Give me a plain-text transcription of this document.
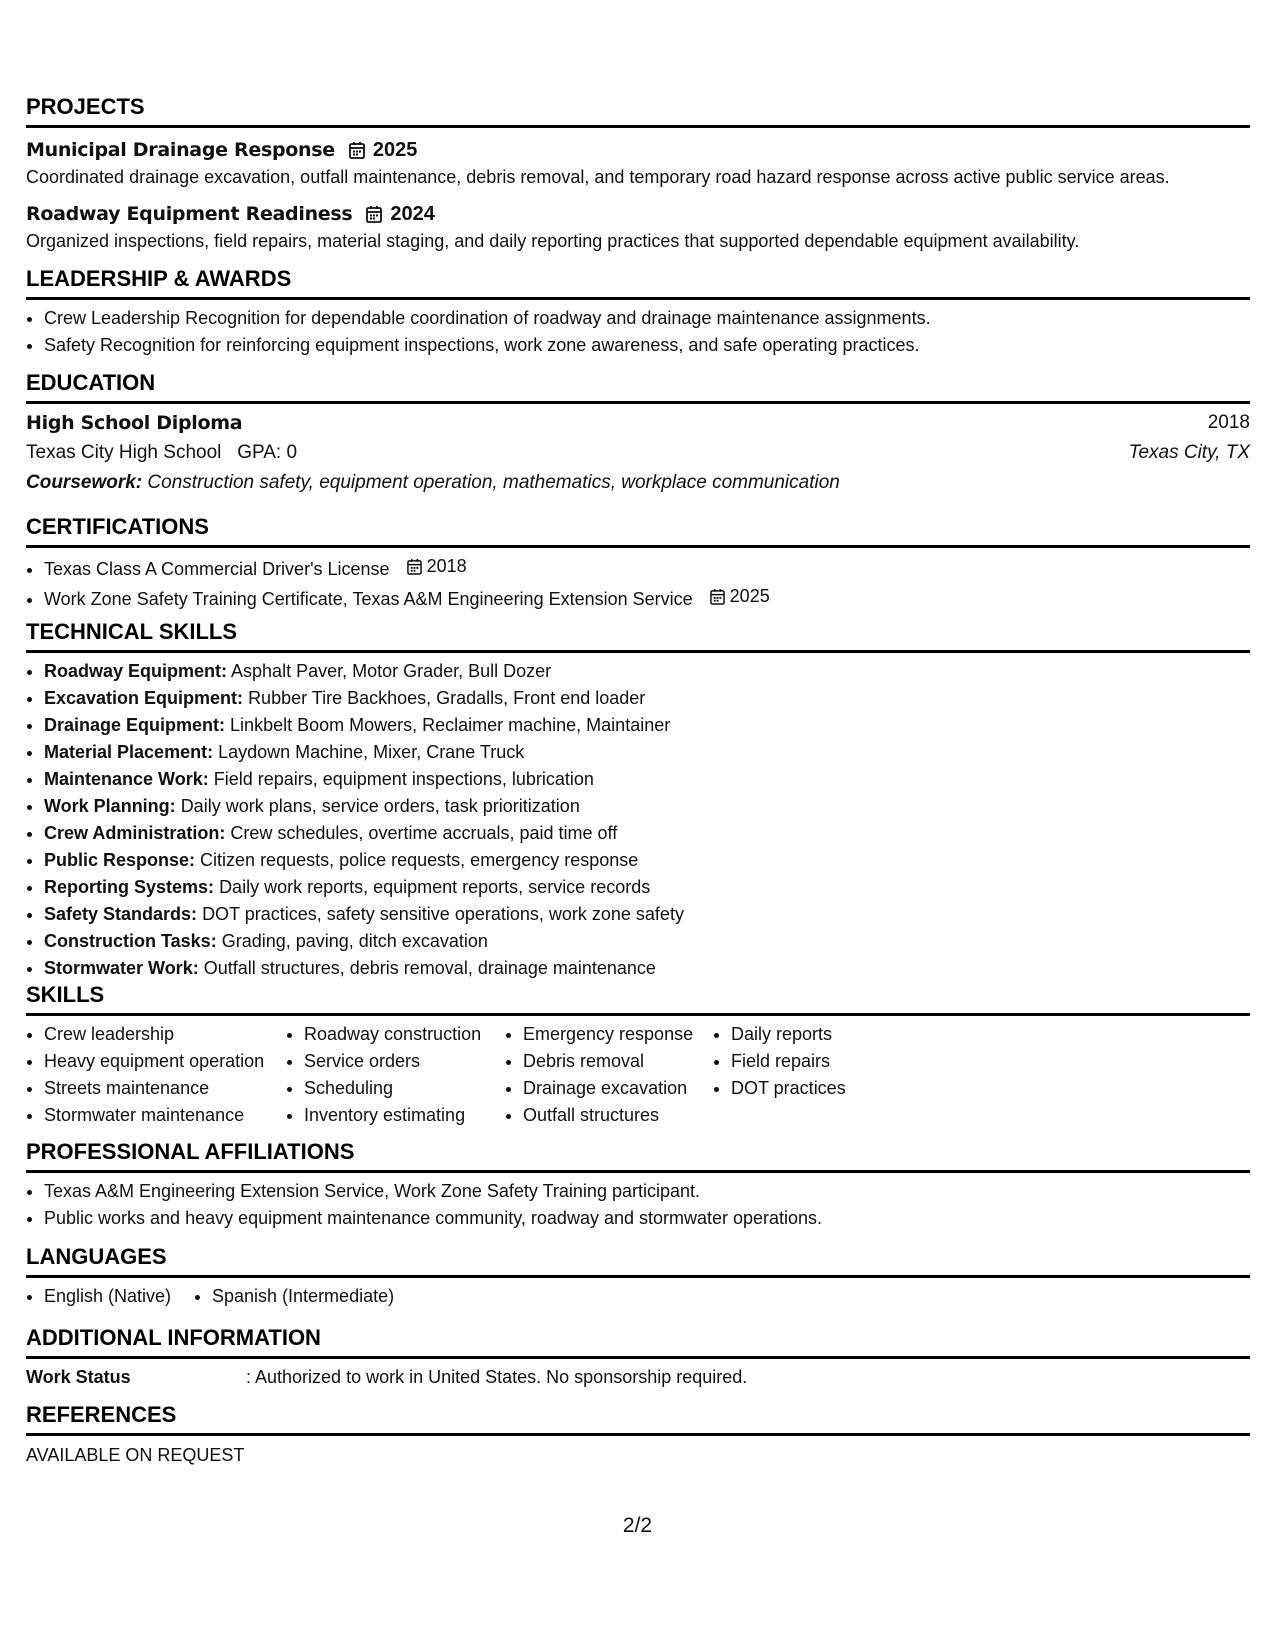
PROJECTS
Municipal Drainage Response 2025
Coordinated drainage excavation, outfall maintenance, debris removal, and temporary road hazard response across active public service areas.
Roadway Equipment Readiness 2024
Organized inspections, field repairs, material staging, and daily reporting practices that supported dependable equipment availability.
LEADERSHIP & AWARDS
• Crew Leadership Recognition for dependable coordination of roadway and drainage maintenance assignments.
• Safety Recognition for reinforcing equipment inspections, work zone awareness, and safe operating practices.
EDUCATION
High School Diploma	2018
Texas City High School GPA: 0	Texas City, TX
Coursework: Construction safety, equipment operation, mathematics, workplace communication
CERTIFICATIONS
• Texas Class A Commercial Driver's License 2018
• Work Zone Safety Training Certificate, Texas A&M Engineering Extension Service 2025
TECHNICAL SKILLS
• Roadway Equipment: Asphalt Paver, Motor Grader, Bull Dozer
• Excavation Equipment: Rubber Tire Backhoes, Gradalls, Front end loader
• Drainage Equipment: Linkbelt Boom Mowers, Reclaimer machine, Maintainer
• Material Placement: Laydown Machine, Mixer, Crane Truck
• Maintenance Work: Field repairs, equipment inspections, lubrication
• Work Planning: Daily work plans, service orders, task prioritization
• Crew Administration: Crew schedules, overtime accruals, paid time off
• Public Response: Citizen requests, police requests, emergency response
• Reporting Systems: Daily work reports, equipment reports, service records
• Safety Standards: DOT practices, safety sensitive operations, work zone safety
• Construction Tasks: Grading, paving, ditch excavation
• Stormwater Work: Outfall structures, debris removal, drainage maintenance
SKILLS
• Crew leadership
• Heavy equipment operation
• Streets maintenance
• Stormwater maintenance
• Roadway construction
• Service orders
• Scheduling
• Inventory estimating
• Emergency response
• Debris removal
• Drainage excavation
• Outfall structures
• Daily reports
• Field repairs
• DOT practices
PROFESSIONAL AFFILIATIONS
• Texas A&M Engineering Extension Service, Work Zone Safety Training participant.
• Public works and heavy equipment maintenance community, roadway and stormwater operations.
LANGUAGES
• English (Native)
•	Spanish (Intermediate)
ADDITIONAL INFORMATION
Work Status	: Authorized to work in United States. No sponsorship required.
REFERENCES
AVAILABLE ON REQUEST
2/2
